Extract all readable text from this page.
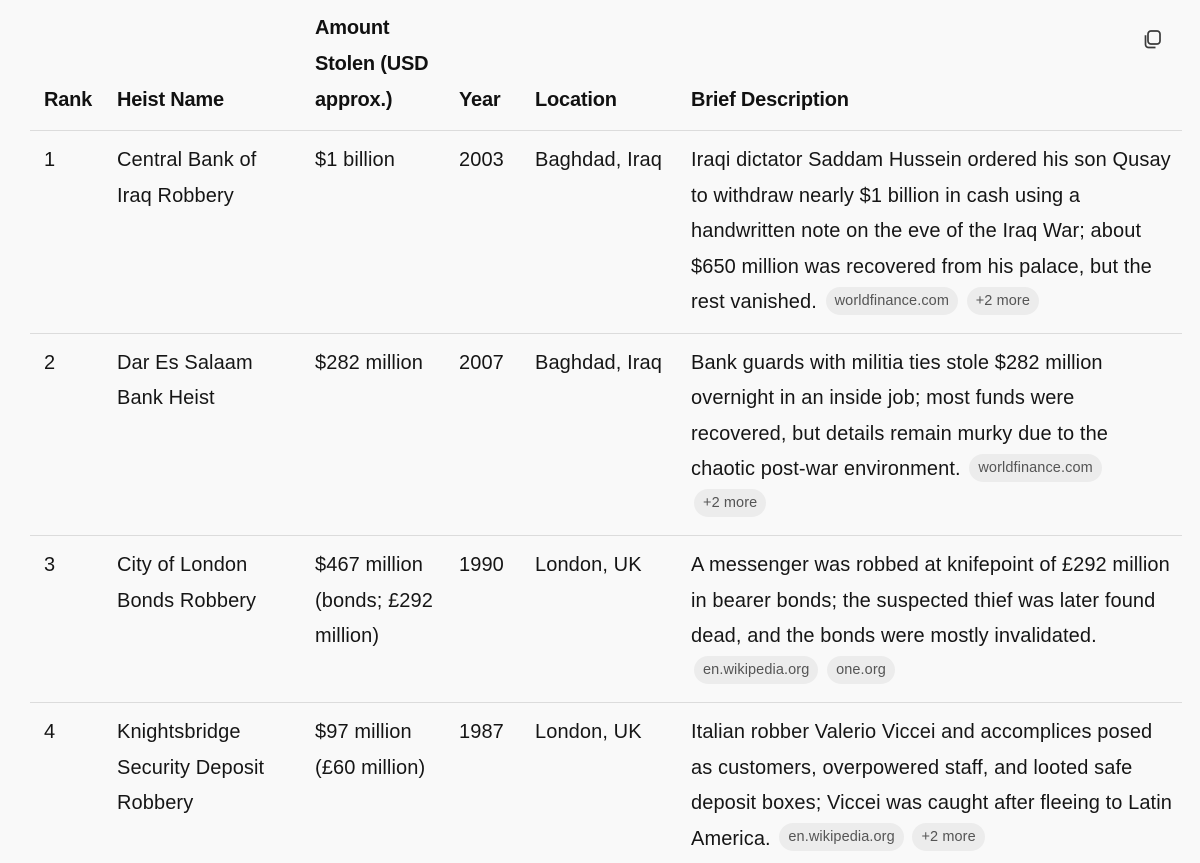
Rank	Heist Name	Amount Stolen (USD approx.)	Year	Location	Brief Description
1	Central Bank of Iraq Robbery	$1 billion	2003	Baghdad, Iraq	Iraqi dictator Saddam Hussein ordered his son Qusay to withdraw nearly $1 billion in cash using a handwritten note on the eve of the Iraq War; about $650 million was recovered from his palace, but the rest vanished. worldfinance.com +2 more
2	Dar Es Salaam Bank Heist	$282 million	2007	Baghdad, Iraq	Bank guards with militia ties stole $282 million overnight in an inside job; most funds were recovered, but details remain murky due to the chaotic post-war environment. worldfinance.com +2 more
3	City of London Bonds Robbery	$467 million (bonds; £292 million)	1990	London, UK	A messenger was robbed at knifepoint of £292 million in bearer bonds; the suspected thief was later found dead, and the bonds were mostly invalidated. en.wikipedia.org one.org
4	Knightsbridge Security Deposit Robbery	$97 million (£60 million)	1987	London, UK	Italian robber Valerio Viccei and accomplices posed as customers, overpowered staff, and looted safe deposit boxes; Viccei was caught after fleeing to Latin America. en.wikipedia.org +2 more
